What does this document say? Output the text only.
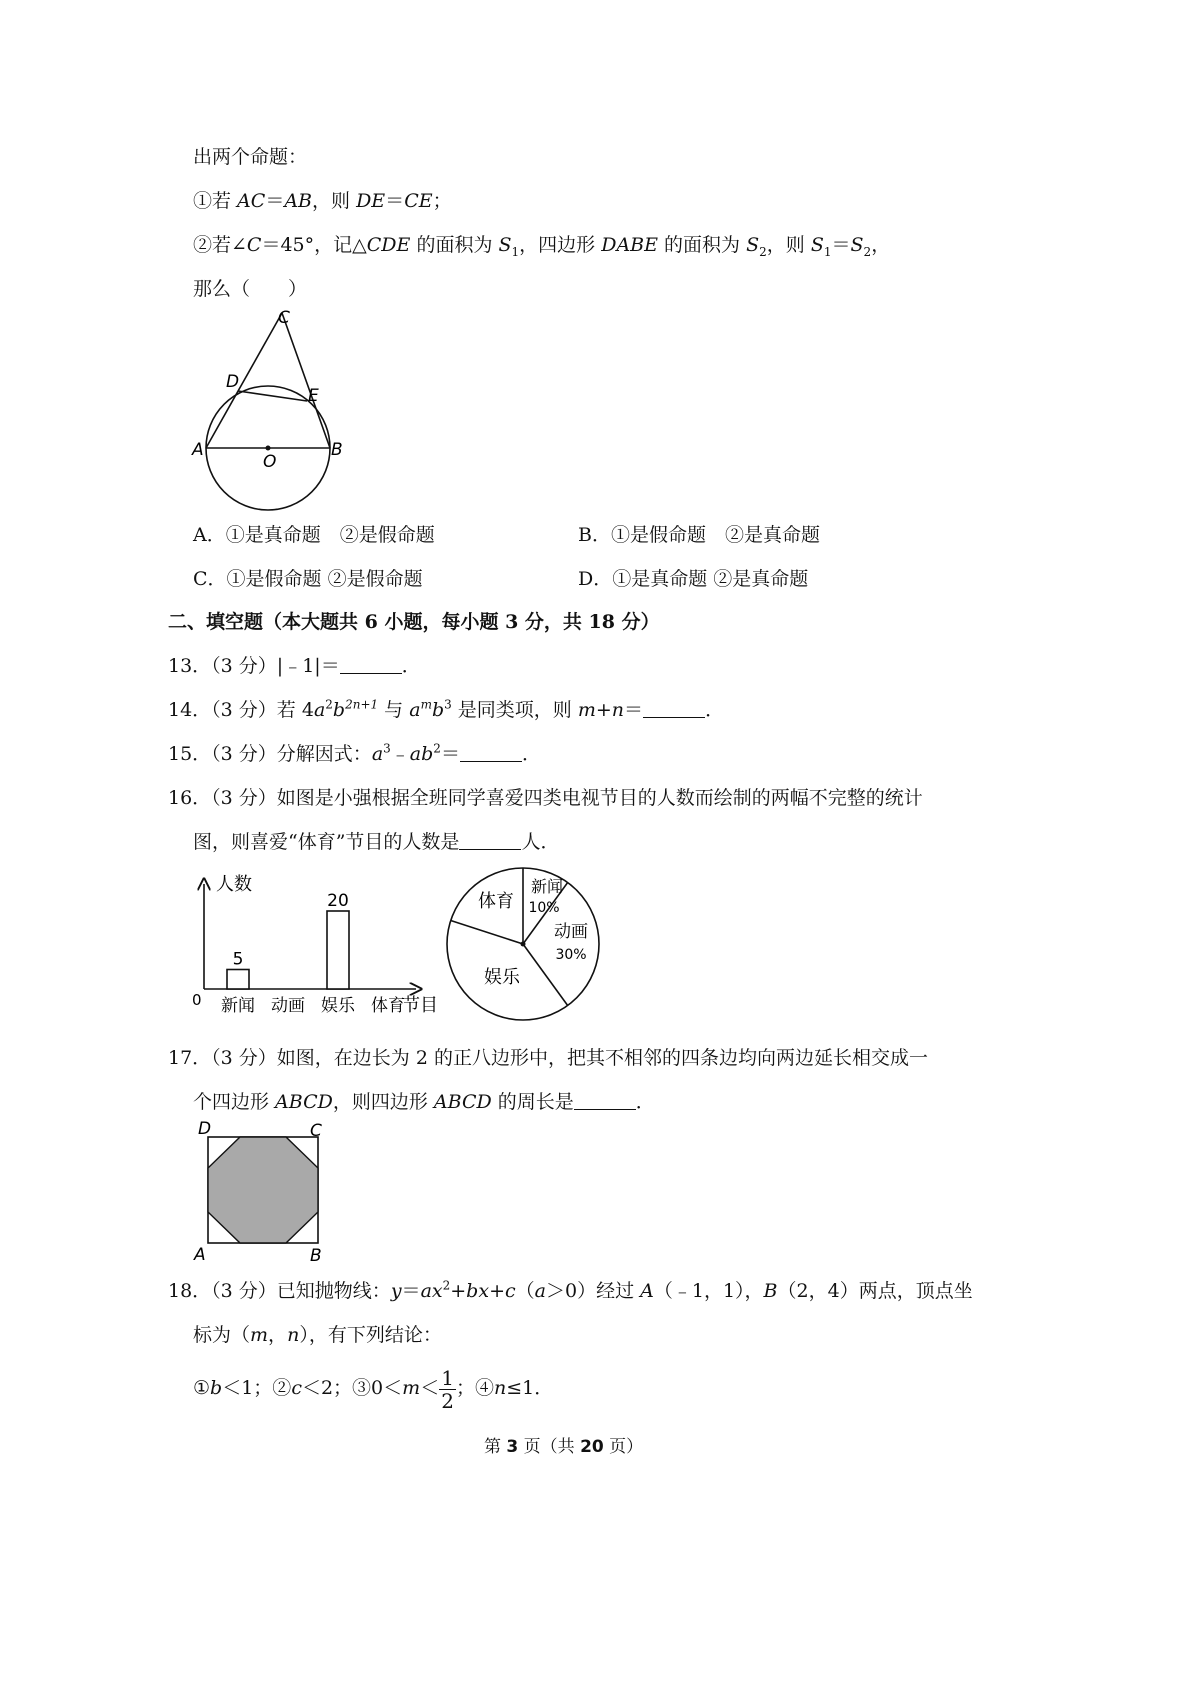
出两个命题：
①若 AC＝AB，则 DE＝CE；
②若∠C＝45°，记△CDE 的面积为 $S_1$，四边形 DABE 的面积为 $S_2$，则 $S_1=S_2$，
那么（　　）
C
D
E
A
O
B
A．①是真命题　②是假命题	B．①是假命题　②是真命题
C．①是假命题 ②是假命题	D．①是真命题 ②是真命题
二、填空题（本大题共 6 小题，每小题 3 分，共 18 分）
13．（3 分）|﹣1|＝	．
14．（3 分）若 $4a^2b^{2n+1}$ 与 $a^mb^3$ 是同类项，则 m+n＝	．
15．（3 分）分解因式：$a^3﹣ab^2=$	．
16．（3 分）如图是小强根据全班同学喜爱四类电视节目的人数而绘制的两幅不完整的统计
图，则喜爱“体育”节目的人数是	人．
人数
0	节目
新闻
5
动画 娱乐
20
体育
新闻
10%
动画
30%
娱乐
体育
17．（3 分）如图，在边长为 2 的正八边形中，把其不相邻的四条边均向两边延长相交成一
个四边形 ABCD，则四边形 ABCD 的周长是	．
D	C
A	B
18．（3 分）已知抛物线：$y=ax^2+bx+c(a>0)$经过 A（﹣1，1），B（2，4）两点，顶点坐
标为（m，n），有下列结论：
①b＜1；②c＜2；③0＜m＜ $\frac{1}{2}$ ；④n≤1．
第 3 页（共 20 页）
